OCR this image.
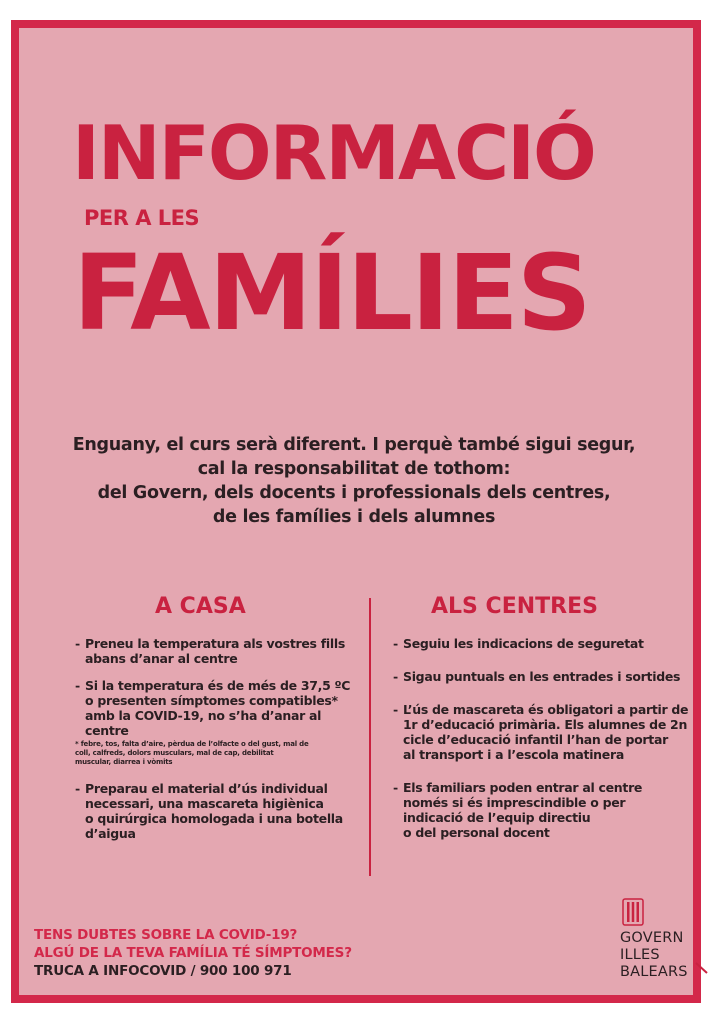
INFORMACIÓ
PER A LES
FAMÍLIES
Enguany, el curs serà diferent. I perquè també sigui segur,
cal la responsabilitat de tothom:
del Govern, dels docents i professionals dels centres,
de les famílies i dels alumnes
A CASA	ALS CENTRES
- Preneu la temperatura als vostres fills
abans d’anar al centre
- Si la temperatura és de més de 37,5 ºC
o presenten símptomes compatibles*
amb la COVID-19, no s’ha d’anar al centre
* febre, tos, falta d’aire, pèrdua de l’olfacte o del gust, mal de
coll, calfreds, dolors musculars, mal de cap, debilitat
muscular, diarrea i vòmits
- Preparau el material d’ús individual
necessari, una mascareta higiènica
o quirúrgica homologada i una botella
d’aigua
- Seguiu les indicacions de seguretat
- Sigau puntuals en les entrades i sortides
- L’ús de mascareta és obligatori a partir de
1r d’educació primària. Els alumnes de 2n
cicle d’educació infantil l’han de portar
al transport i a l’escola matinera
- Els familiars poden entrar al centre
només si és imprescindible o per
indicació de l’equip directiu
o del personal docent
TENS DUBTES SOBRE LA COVID-19?
ALGÚ DE LA TEVA FAMÍLIA TÉ SÍMPTOMES?
TRUCA A INFOCOVID / 900 100 971
GOVERN
ILLES
BALEARS
